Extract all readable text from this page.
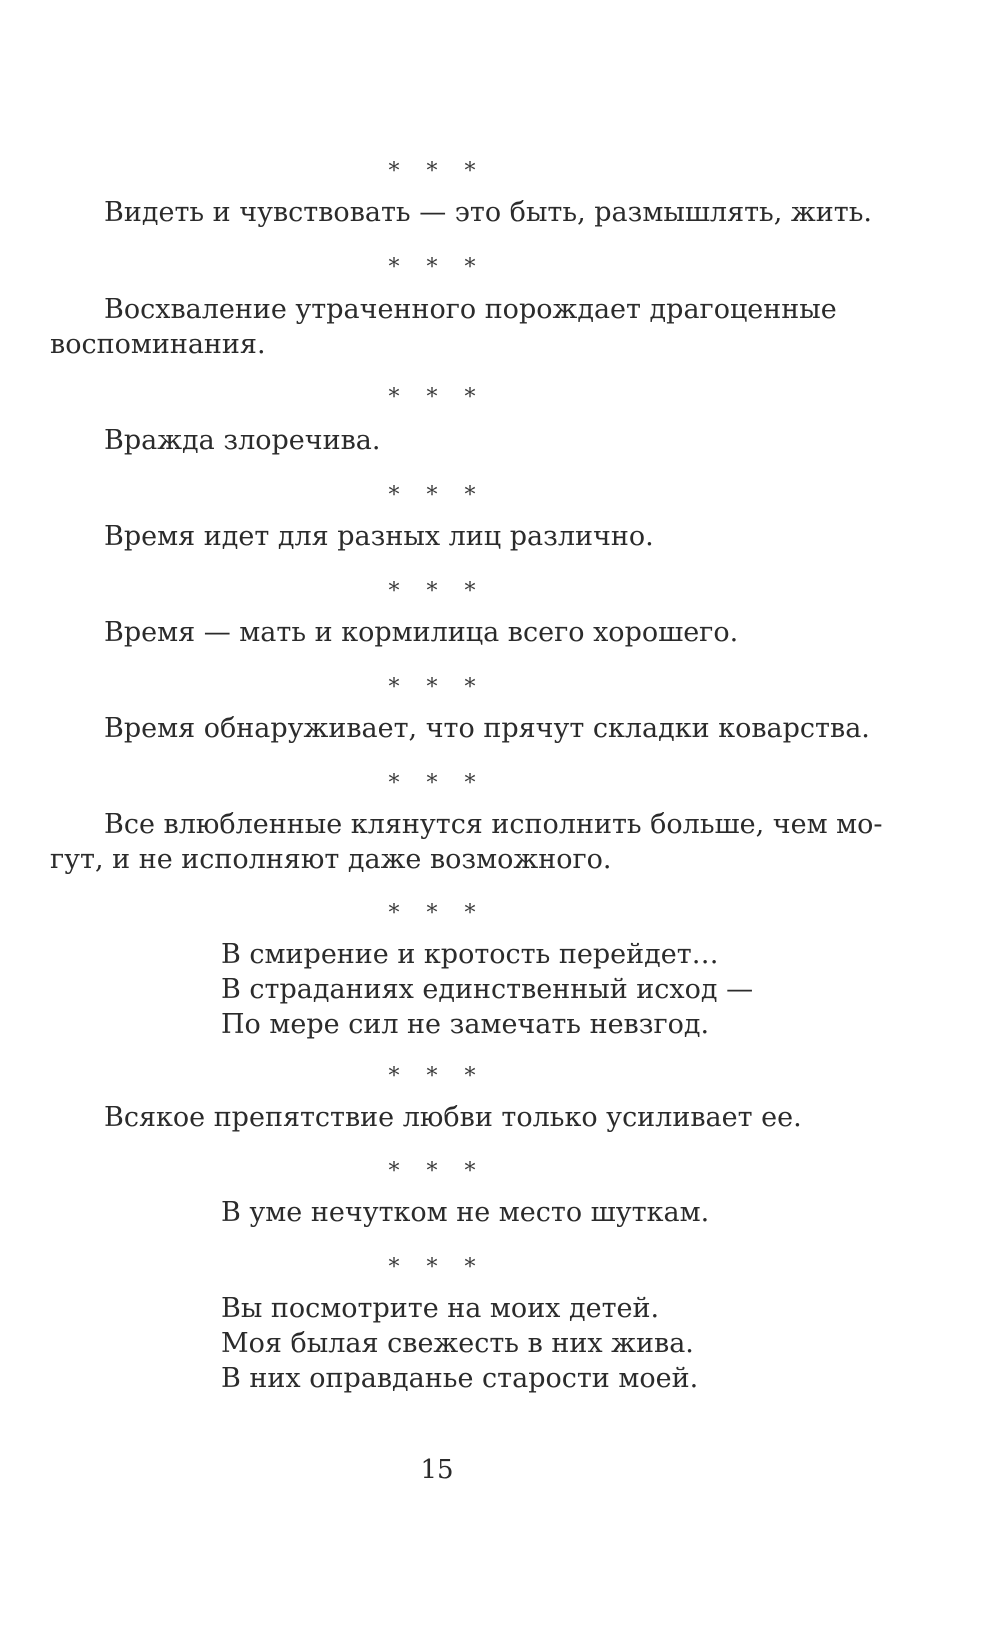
* * *
Видеть и чувствовать — это быть, размышлять, жить.
* * *
Восхваление утраченного порождает драгоценные
воспоминания.
* * *
Вражда злоречива.
* * *
Время идет для разных лиц различно.
* * *
Время — мать и кормилица всего хорошего.
* * *
Время обнаруживает, что прячут складки коварства.
* * *
Все влюбленные клянутся исполнить больше, чем мо-
гут, и не исполняют даже возможного.
* * *
В смирение и кротость перейдет…
В страданиях единственный исход —
По мере сил не замечать невзгод.
* * *
Всякое препятствие любви только усиливает ее.
* * *
В уме нечутком не место шуткам.
* * *
Вы посмотрите на моих детей.
Моя былая свежесть в них жива.
В них оправданье старости моей.
15
